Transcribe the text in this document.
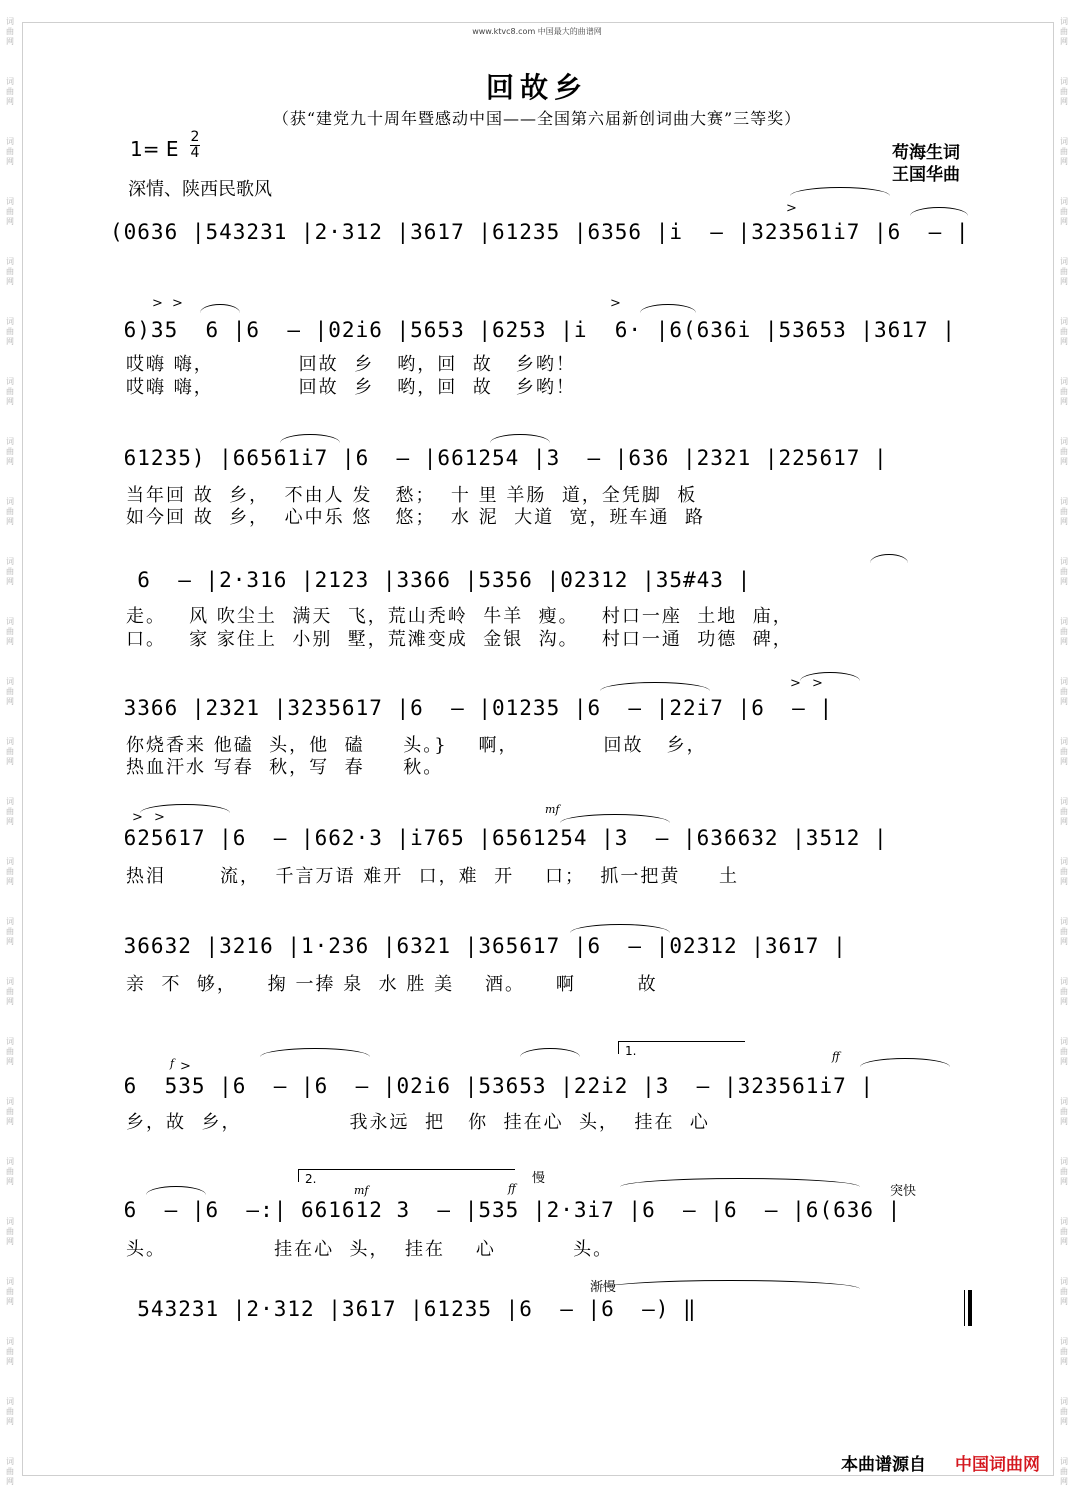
词
曲
网
词
曲
网
词
曲
网
词
曲
网
词
曲
网
词
曲
网
词
曲
网
词
曲
网
词
曲
网
词
曲
网
词
曲
网
词
曲
网
词
曲
网
词
曲
网
词
曲
网
词
曲
网
词
曲
网
词
曲
网
词
曲
网
词
曲
网
词
曲
网
词
曲
网
词
曲
网
词
曲
网
词
曲
网
词
曲
网
词
曲
网
词
曲
网
词
曲
网
词
曲
网
词
曲
网
词
曲
网
词
曲
网
词
曲
网
词
曲
网
词
曲
网
词
曲
网
词
曲
网
词
曲
网
词
曲
网
词
曲
网
词
曲
网
词
曲
网
词
曲
网
词
曲
网
词
曲
网
词
曲
网
词
曲
网
词
曲
网
词
曲
网
www.ktvc8.com 中国最大的曲谱网
回故乡
（获“建党九十周年暨感动中国——全国第六届新创词曲大赛”三等奖）
1= E 2
4
深情、陕西民歌风
苟海生词
王国华曲
(0636 |543231 |2·312 |3617 |61235 |6356 |i  – |323561i7 |6  – |
6)35  6 |6  – |02i6 |5653 |6253 |i  6· |6(636i |53653 |3617 |
哎嗨 嗨，           回故  乡   哟，回  故   乡哟！
哎嗨 嗨，           回故  乡   哟，回  故   乡哟！
61235) |66561i7 |6  – |661254 |3  – |636 |2321 |225617 |
当年回 故  乡，  不由人 发   愁；  十 里 羊肠  道，全凭脚  板
如今回 故  乡，  心中乐 悠   悠；  水 泥  大道  宽，班车通  路
6  – |2·316 |2123 |3366 |5356 |02312 |35#43 |
走。   风 吹尘土  满天  飞，荒山秃岭  牛羊  瘦。   村口一座  土地  庙，
口。   家 家住上  小别  墅，荒滩变成  金银  沟。   村口一通  功德  碑，
3366 |2321 |3235617 |6  – |01235 |6  – |22i7 |6  – |
你烧香来 他磕  头，他  磕     头。}    啊，           回故   乡，
热血汗水 写春  秋，写  春     秋。
625617 |6  – |662·3 |i765 |6561254 |3  – |636632 |3512 |
热泪       流，  千言万语 难开  口，难  开    口；  抓一把黄     土
36632 |3216 |1·236 |6321 |365617 |6  – |02312 |3617 |
亲  不  够，    掬 一捧 泉  水 胜 美    酒。    啊        故
6  535 |6  – |6  – |02i6 |53653 |22i2 |3  – |323561i7 |
乡，故  乡，              我永远  把   你  挂在心  头，  挂在  心
6  – |6  –:| 661612 3  – |535 |2·3i7 |6  – |6  – |6(636 |
头。              挂在心  头，  挂在    心          头。
543231 |2·312 |3617 |61235 |6  – |6  –) ‖
1.
2.	慢
突快
渐慢
mf
mf
ff
ff
f
>
> >	>
> >
> >
>
本曲谱源自 中国词曲网
